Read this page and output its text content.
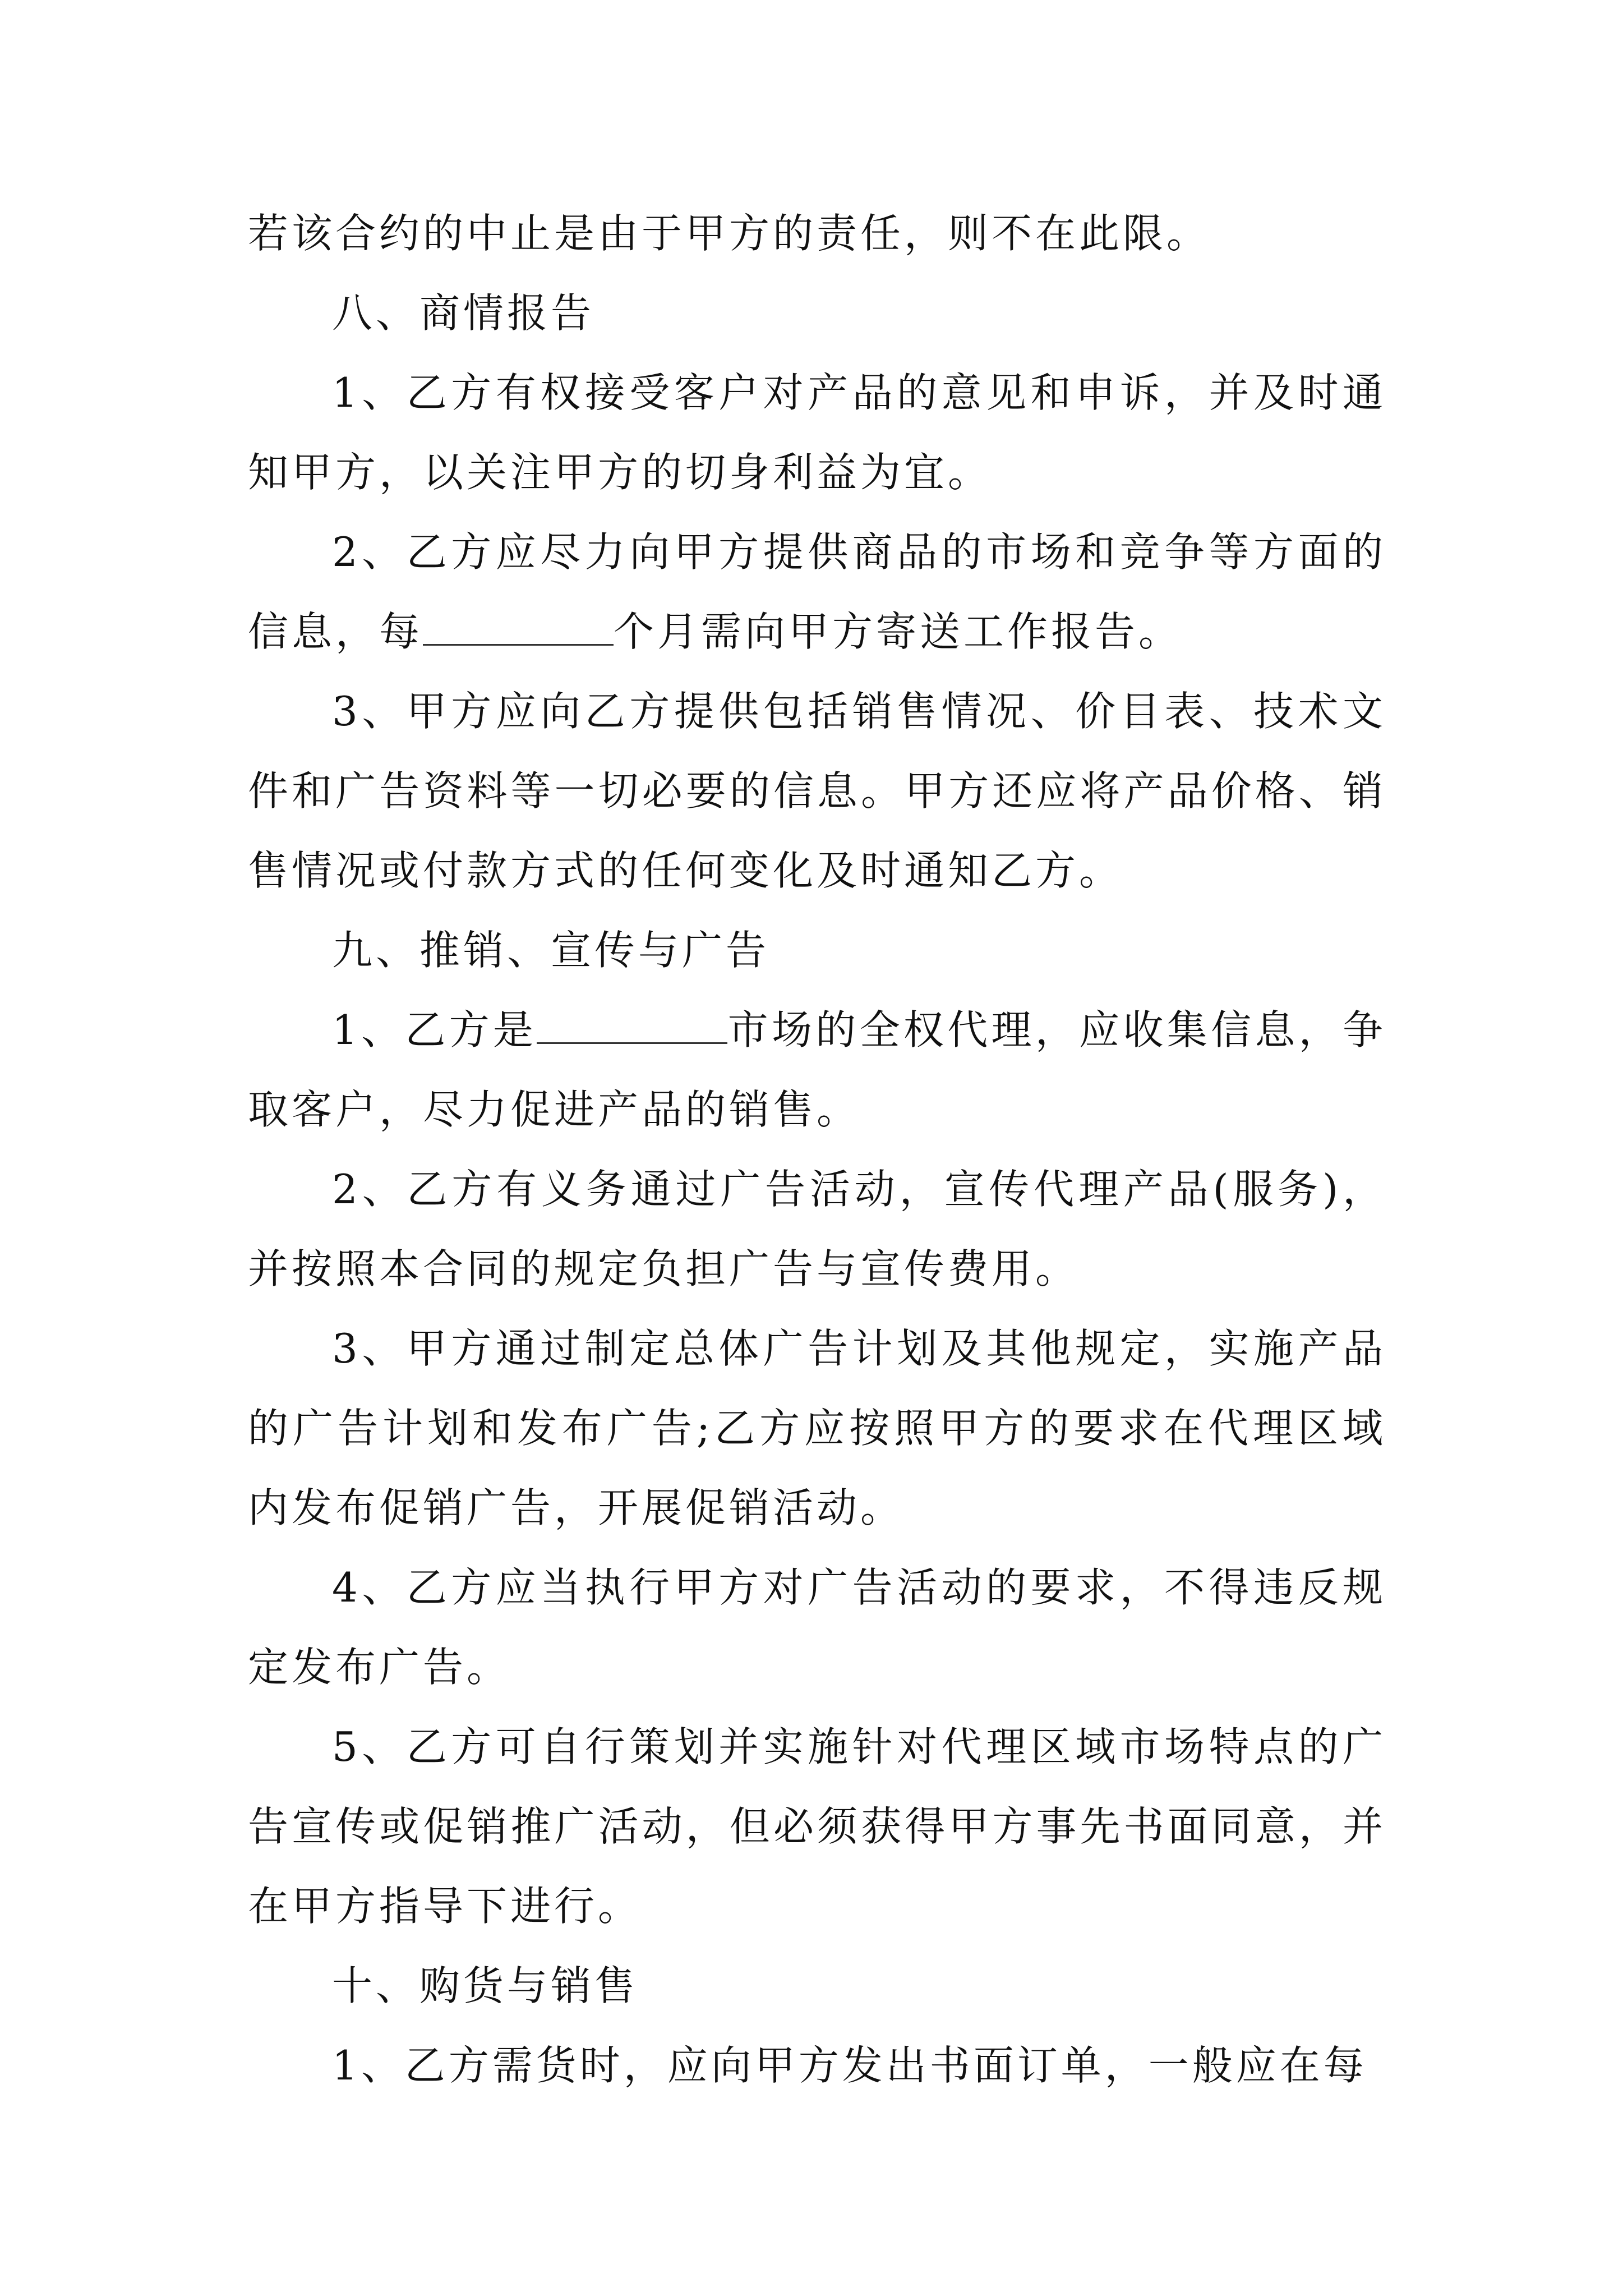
若该合约的中止是由于甲方的责任，则不在此限。

八、商情报告

1、乙方有权接受客户对产品的意见和申诉，并及时通知甲方，以关注甲方的切身利益为宜。

2、乙方应尽力向甲方提供商品的市场和竞争等方面的信息，每	个月需向甲方寄送工作报告。

3、甲方应向乙方提供包括销售情况、价目表、技术文件和广告资料等一切必要的信息。甲方还应将产品价格、销售情况或付款方式的任何变化及时通知乙方。

九、推销、宣传与广告

1、乙方是	市场的全权代理，应收集信息，争取客户，尽力促进产品的销售。

2、乙方有义务通过广告活动，宣传代理产品(服务)，并按照本合同的规定负担广告与宣传费用。

3、甲方通过制定总体广告计划及其他规定，实施产品的广告计划和发布广告;乙方应按照甲方的要求在代理区域内发布促销广告，开展促销活动。

4、乙方应当执行甲方对广告活动的要求，不得违反规定发布广告。

5、乙方可自行策划并实施针对代理区域市场特点的广告宣传或促销推广活动，但必须获得甲方事先书面同意，并在甲方指导下进行。

十、购货与销售

1、乙方需货时，应向甲方发出书面订单，一般应在每
